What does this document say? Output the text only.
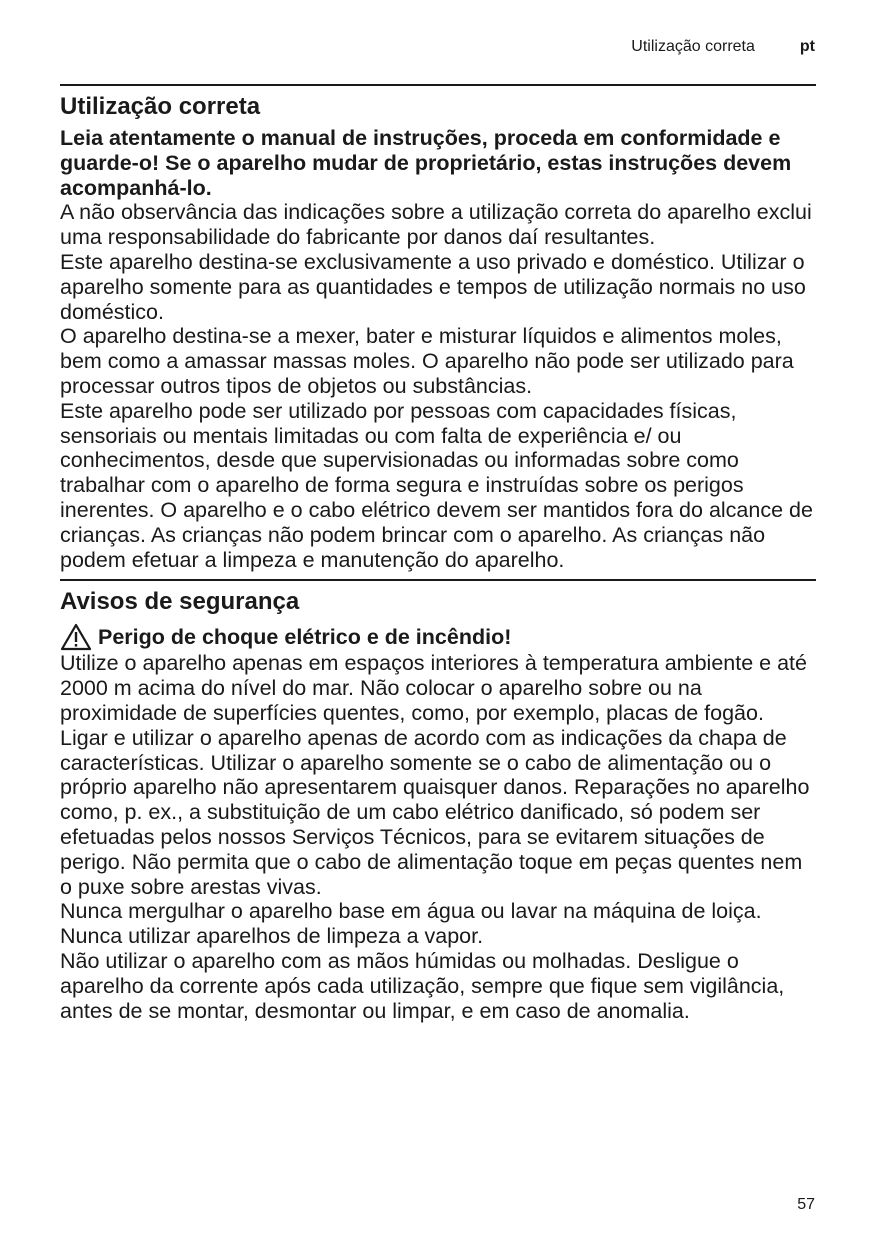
Utilização correta	pt
Utilização correta

Leia atentamente o manual de instruções, proceda em conformidade e guarde-o! Se o aparelho mudar de proprietário, estas instruções devem acompanhá-lo.

A não observância das indicações sobre a utilização correta do aparelho exclui uma responsabilidade do fabricante por danos daí resultantes.

Este aparelho destina-se exclusivamente a uso privado e doméstico. Utilizar o aparelho somente para as quantidades e tempos de utilização normais no uso doméstico.

O aparelho destina-se a mexer, bater e misturar líquidos e alimentos moles, bem como a amassar massas moles. O aparelho não pode ser utilizado para processar outros tipos de objetos ou substâncias.

Este aparelho pode ser utilizado por pessoas com capacidades físicas, sensoriais ou mentais limitadas ou com falta de experiência e/ ou conhecimentos, desde que supervisionadas ou informadas sobre como trabalhar com o aparelho de forma segura e instruídas sobre os perigos inerentes. O aparelho e o cabo elétrico devem ser mantidos fora do alcance de crianças. As crianças não podem brincar com o aparelho. As crianças não podem efetuar a limpeza e manutenção do aparelho.

Avisos de segurança
Perigo de choque elétrico e de incêndio!

Utilize o aparelho apenas em espaços interiores à temperatura ambiente e até 2000 m acima do nível do mar. Não colocar o aparelho sobre ou na proximidade de superfícies quentes, como, por exemplo, placas de fogão.

Ligar e utilizar o aparelho apenas de acordo com as indicações da chapa de características. Utilizar o aparelho somente se o cabo de alimentação ou o próprio aparelho não apresentarem quaisquer danos. Reparações no aparelho como, p. ex., a substituição de um cabo elétrico danificado, só podem ser efetuadas pelos nossos Serviços Técnicos, para se evitarem situações de perigo. Não permita que o cabo de alimentação toque em peças quentes nem o puxe sobre arestas vivas.

Nunca mergulhar o aparelho base em água ou lavar na máquina de loiça. Nunca utilizar aparelhos de limpeza a vapor.

Não utilizar o aparelho com as mãos húmidas ou molhadas. Desligue o aparelho da corrente após cada utilização, sempre que fique sem vigilância, antes de se montar, desmontar ou limpar, e em caso de anomalia.

57
